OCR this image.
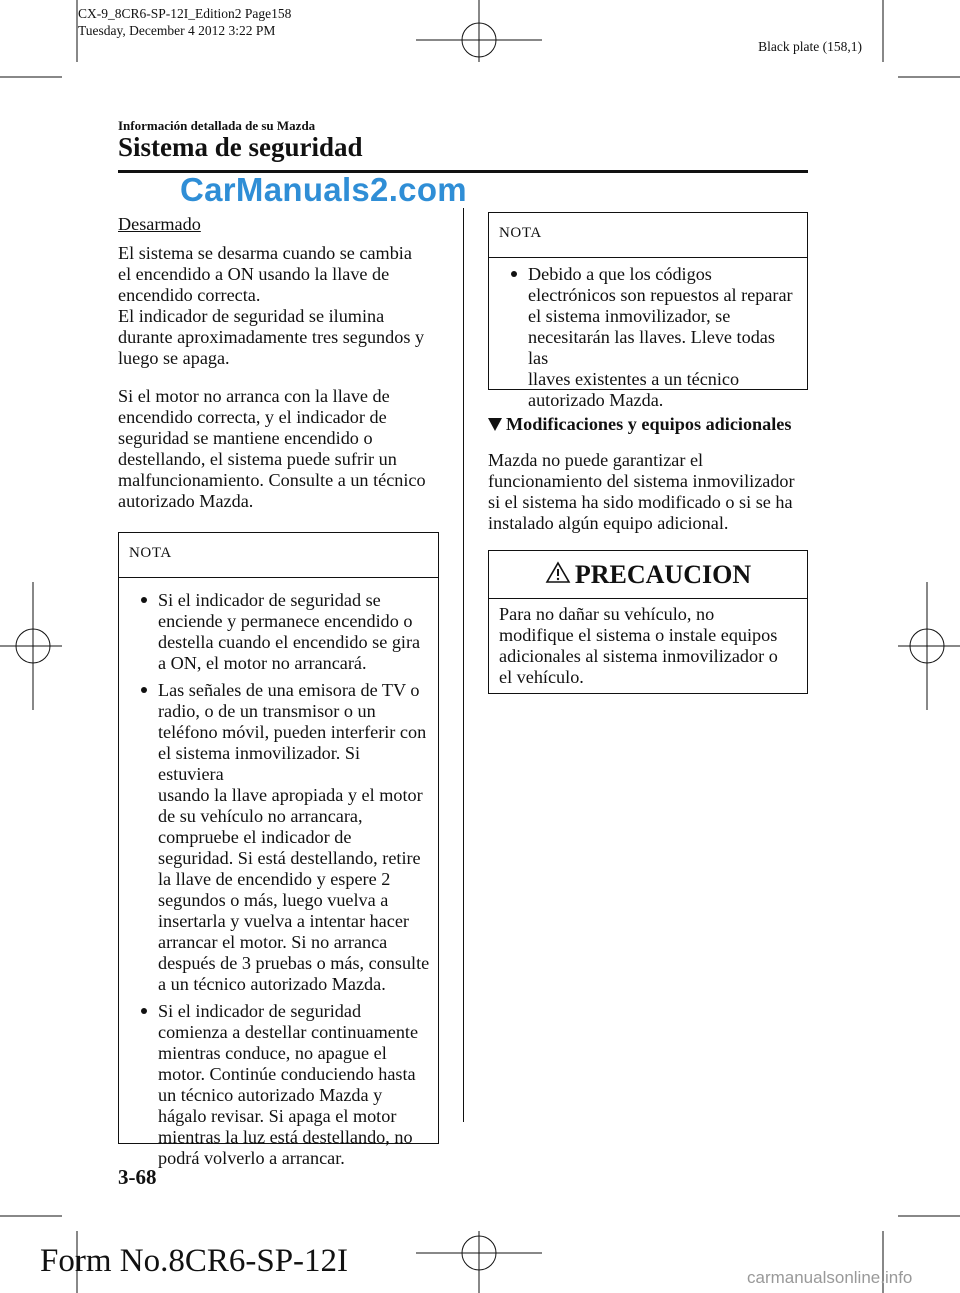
CX-9_8CR6-SP-12I_Edition2 Page158
Tuesday, December 4 2012 3:22 PM
Black plate (158,1)
Información detallada de su Mazda
Sistema de seguridad
CarManuals2.com
Desarmado
El sistema se desarma cuando se cambia
el encendido a ON usando la llave de
encendido correcta.
El indicador de seguridad se ilumina
durante aproximadamente tres segundos y
luego se apaga.
Si el motor no arranca con la llave de
encendido correcta, y el indicador de
seguridad se mantiene encendido o
destellando, el sistema puede sufrir un
malfuncionamiento. Consulte a un técnico
autorizado Mazda.
NOTA
Si el indicador de seguridad se
enciende y permanece encendido o
destella cuando el encendido se gira
a ON, el motor no arrancará.
Las señales de una emisora de TV o
radio, o de un transmisor o un
teléfono móvil, pueden interferir con
el sistema inmovilizador. Si estuviera
usando la llave apropiada y el motor
de su vehículo no arrancara,
compruebe el indicador de
seguridad. Si está destellando, retire
la llave de encendido y espere 2
segundos o más, luego vuelva a
insertarla y vuelva a intentar hacer
arrancar el motor. Si no arranca
después de 3 pruebas o más, consulte
a un técnico autorizado Mazda.
Si el indicador de seguridad
comienza a destellar continuamente
mientras conduce, no apague el
motor. Continúe conduciendo hasta
un técnico autorizado Mazda y
hágalo revisar. Si apaga el motor
mientras la luz está destellando, no
podrá volverlo a arrancar.
NOTA
Debido a que los códigos
electrónicos son repuestos al reparar
el sistema inmovilizador, se
necesitarán las llaves. Lleve todas las
llaves existentes a un técnico
autorizado Mazda.
Modificaciones y equipos adicionales
Mazda no puede garantizar el
funcionamiento del sistema inmovilizador
si el sistema ha sido modificado o si se ha
instalado algún equipo adicional.
PRECAUCION
Para no dañar su vehículo, no
modifique el sistema o instale equipos
adicionales al sistema inmovilizador o
el vehículo.
3-68
Form No.8CR6-SP-12I	carmanualsonline.info
